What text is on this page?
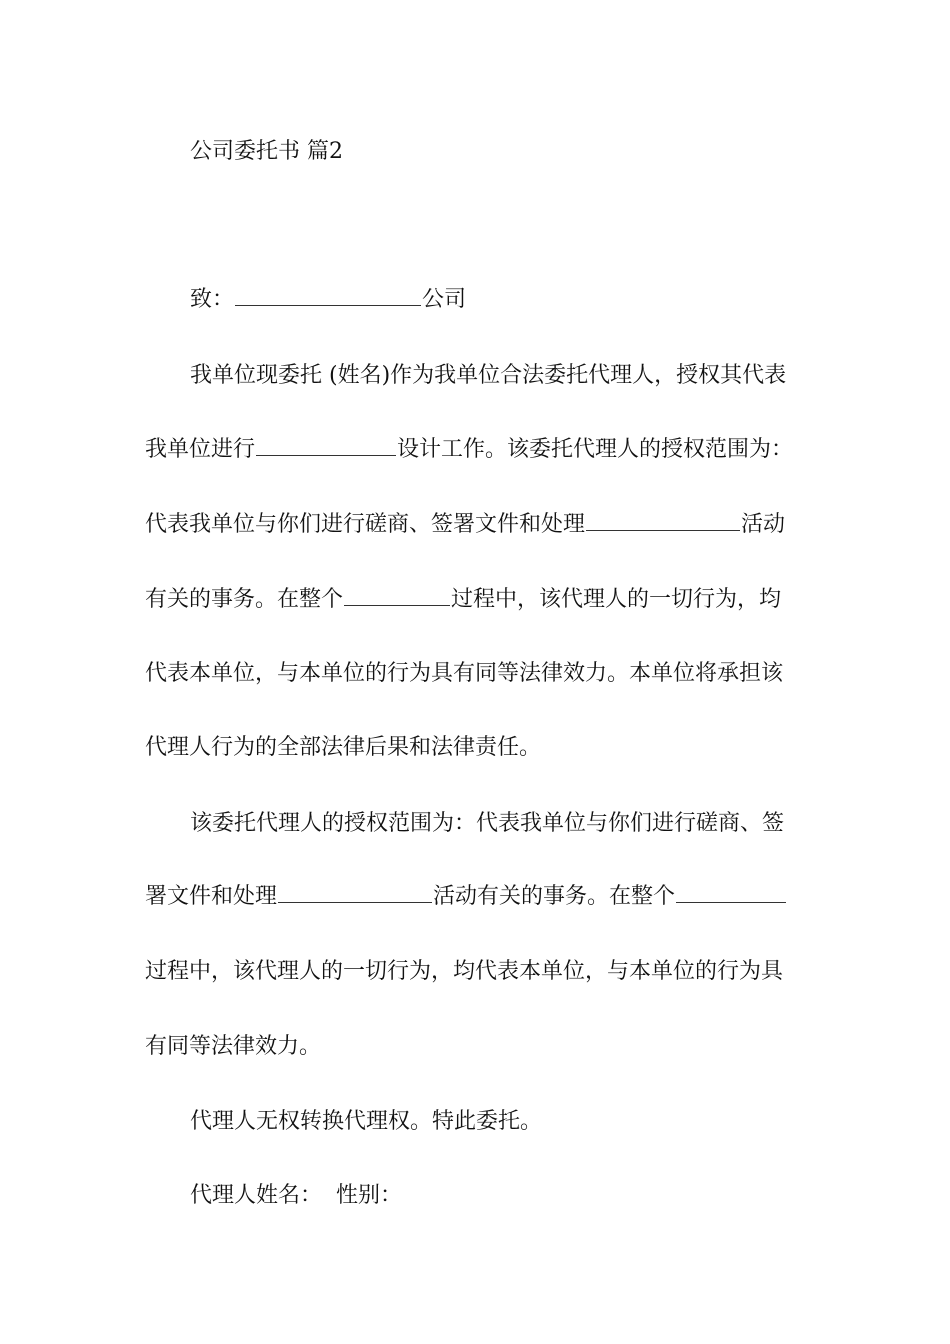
公司委托书 篇2
致：	公司
我单位现委托 (姓名)作为我单位合法委托代理人，授权其代表
我单位进行	设计工作。该委托代理人的授权范围为：
代表我单位与你们进行磋商、签署文件和处理	活动
有关的事务。在整个	过程中，该代理人的一切行为，均
代表本单位，与本单位的行为具有同等法律效力。本单位将承担该
代理人行为的全部法律后果和法律责任。
该委托代理人的授权范围为：代表我单位与你们进行磋商、签
署文件和处理	活动有关的事务。在整个
过程中，该代理人的一切行为，均代表本单位，与本单位的行为具
有同等法律效力。
代理人无权转换代理权。特此委托。
代理人姓名：  性别：
